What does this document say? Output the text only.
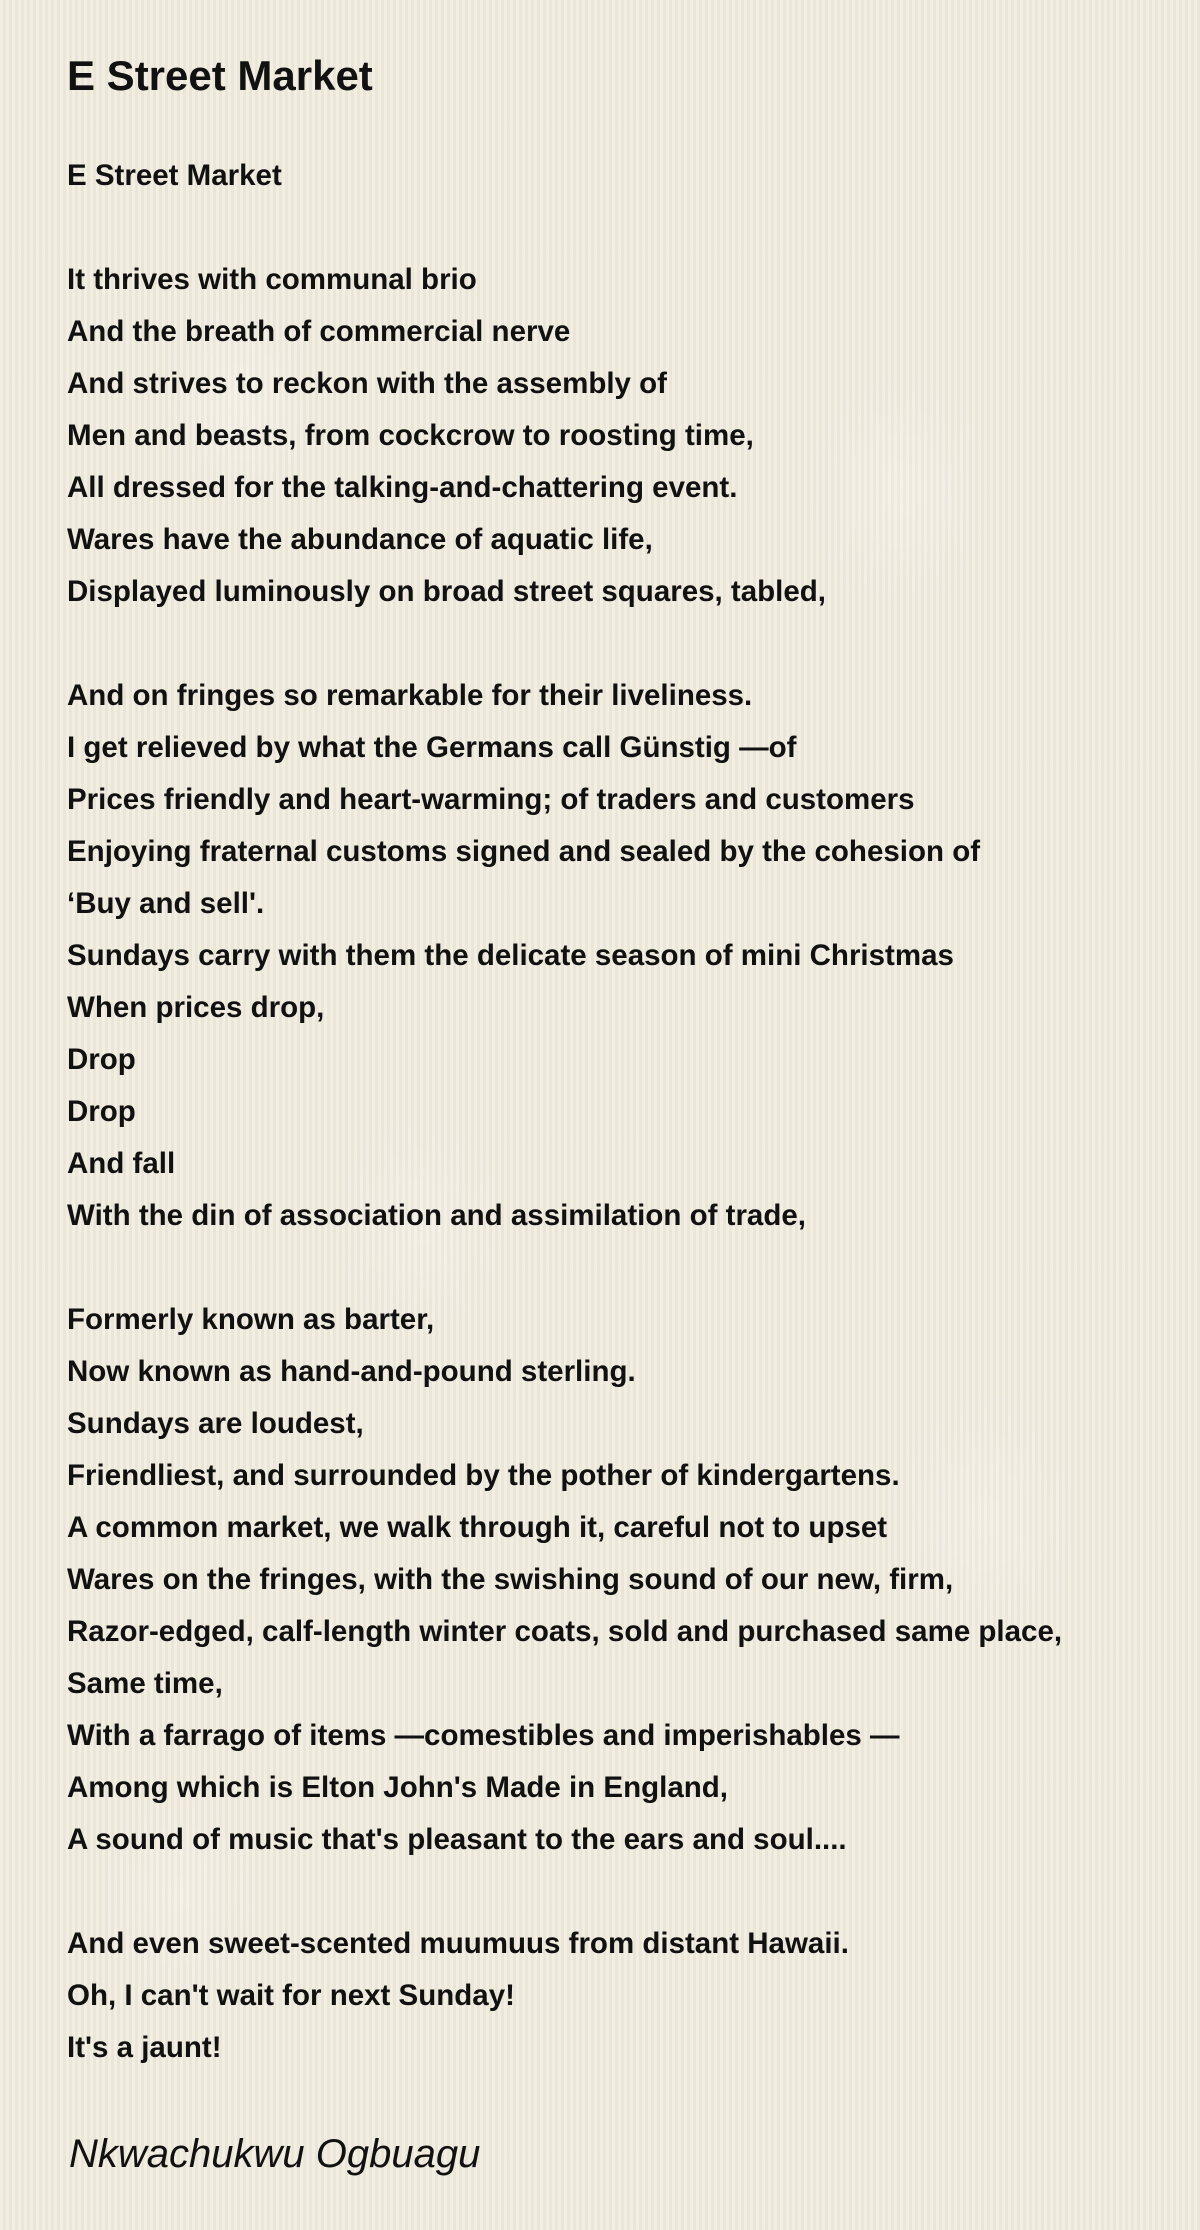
E Street Market
E Street Market
It thrives with communal brio
And the breath of commercial nerve
And strives to reckon with the assembly of
Men and beasts, from cockcrow to roosting time,
All dressed for the talking-and-chattering event.
Wares have the abundance of aquatic life,
Displayed luminously on broad street squares, tabled,
And on fringes so remarkable for their liveliness.
I get relieved by what the Germans call Günstig —of
Prices friendly and heart-warming; of traders and customers
Enjoying fraternal customs signed and sealed by the cohesion of
‘Buy and sell'.
Sundays carry with them the delicate season of mini Christmas
When prices drop,
Drop
Drop
And fall
With the din of association and assimilation of trade,
Formerly known as barter,
Now known as hand-and-pound sterling.
Sundays are loudest,
Friendliest, and surrounded by the pother of kindergartens.
A common market, we walk through it, careful not to upset
Wares on the fringes, with the swishing sound of our new, firm,
Razor-edged, calf-length winter coats, sold and purchased same place,
Same time,
With a farrago of items —comestibles and imperishables —
Among which is Elton John's Made in England,
A sound of music that's pleasant to the ears and soul....
And even sweet-scented muumuus from distant Hawaii.
Oh, I can't wait for next Sunday!
It's a jaunt!
Nkwachukwu Ogbuagu
